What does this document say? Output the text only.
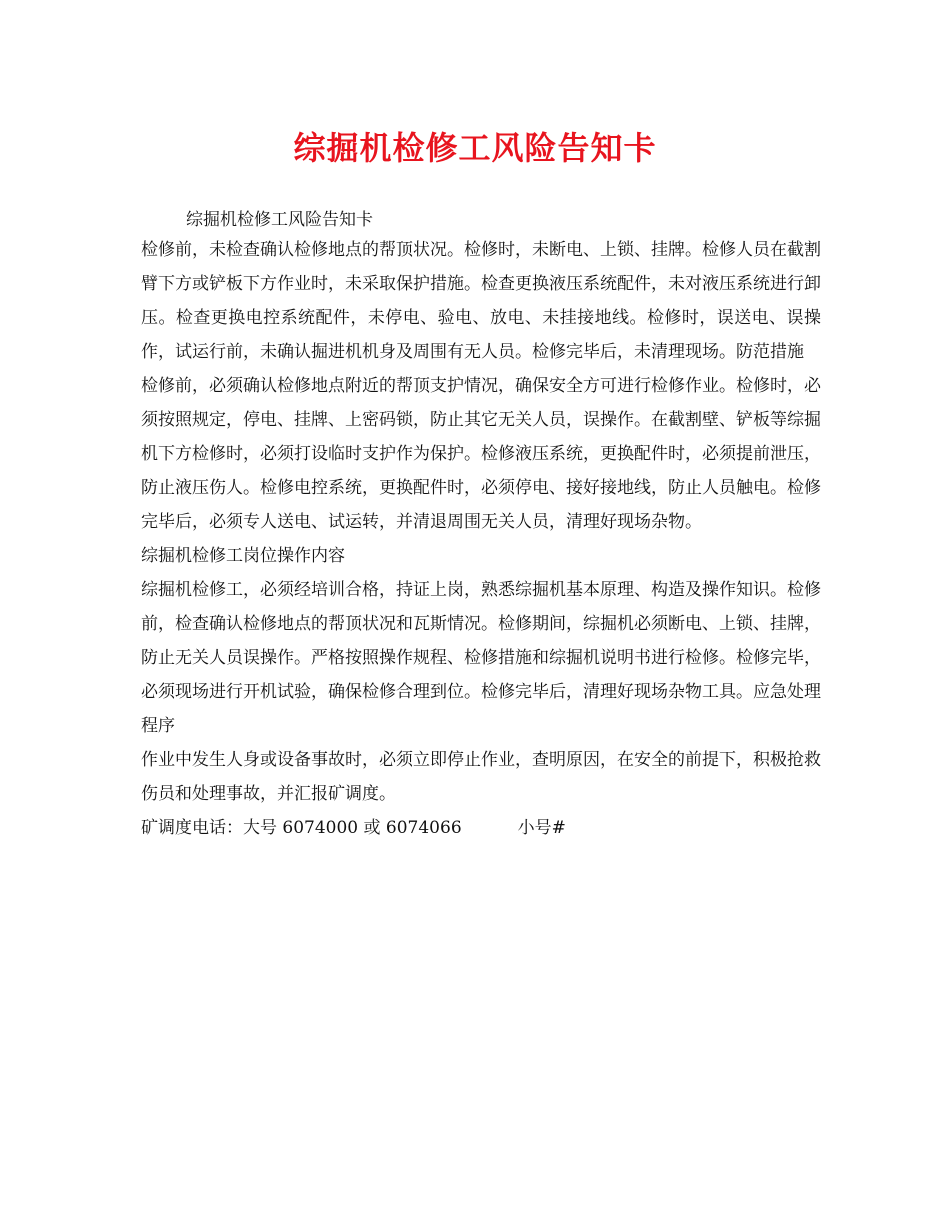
综掘机检修工风险告知卡
综掘机检修工风险告知卡

检修前，未检查确认检修地点的帮顶状况。检修时，未断电、上锁、挂牌。检修人员在截割臂下方或铲板下方作业时，未采取保护措施。检查更换液压系统配件，未对液压系统进行卸压。检查更换电控系统配件，未停电、验电、放电、未挂接地线。检修时，误送电、误操作，试运行前，未确认掘进机机身及周围有无人员。检修完毕后，未清理现场。防范措施

检修前，必须确认检修地点附近的帮顶支护情况，确保安全方可进行检修作业。检修时，必须按照规定，停电、挂牌、上密码锁，防止其它无关人员，误操作。在截割壁、铲板等综掘机下方检修时，必须打设临时支护作为保护。检修液压系统，更换配件时，必须提前泄压，防止液压伤人。检修电控系统，更换配件时，必须停电、接好接地线，防止人员触电。检修完毕后，必须专人送电、试运转，并清退周围无关人员，清理好现场杂物。

综掘机检修工岗位操作内容

综掘机检修工，必须经培训合格，持证上岗，熟悉综掘机基本原理、构造及操作知识。检修前，检查确认检修地点的帮顶状况和瓦斯情况。检修期间，综掘机必须断电、上锁、挂牌，防止无关人员误操作。严格按照操作规程、检修措施和综掘机说明书进行检修。检修完毕，必须现场进行开机试验，确保检修合理到位。检修完毕后，清理好现场杂物工具。应急处理程序

作业中发生人身或设备事故时，必须立即停止作业，查明原因，在安全的前提下，积极抢救伤员和处理事故，并汇报矿调度。

矿调度电话：大号 6074000 或 6074066	小号#
